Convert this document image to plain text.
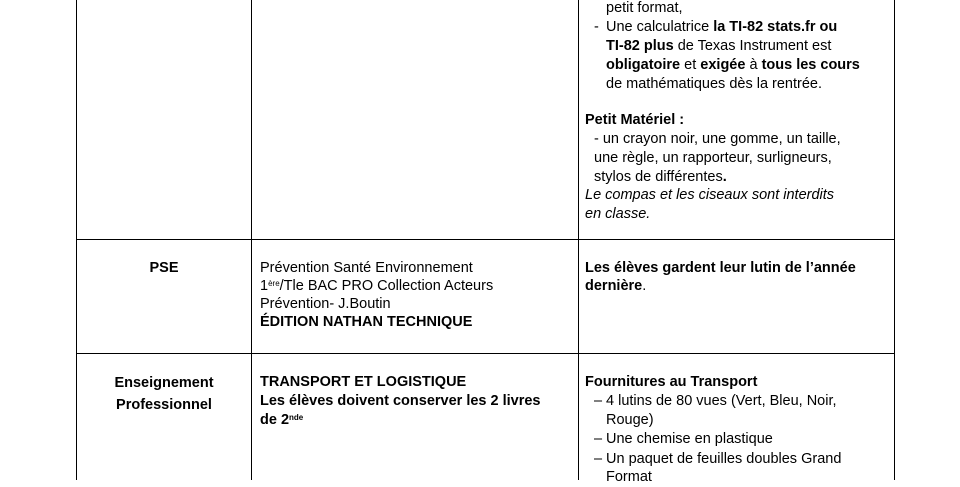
petit format,
- Une calculatrice la TI-82 stats.fr ou
TI-82 plus de Texas Instrument est
obligatoire et exigée à tous les cours
de mathématiques dès la rentrée.
Petit Matériel :
- un crayon noir, une gomme, un taille,
une règle, un rapporteur, surligneurs,
stylos de différentes.
Le compas et les ciseaux sont interdits
en classe.
PSE	Prévention Santé Environnement
1ère/Tle BAC PRO Collection Acteurs
Prévention- J.Boutin
ÉDITION NATHAN TECHNIQUE
Les élèves gardent leur lutin de l’année
dernière.
Enseignement
Professionnel
TRANSPORT ET LOGISTIQUE
Les élèves doivent conserver les 2 livres
de 2nde
Fournitures au Transport
– 4 lutins de 80 vues (Vert, Bleu, Noir,
Rouge)
– Une chemise en plastique
– Un paquet de feuilles doubles Grand
Format
